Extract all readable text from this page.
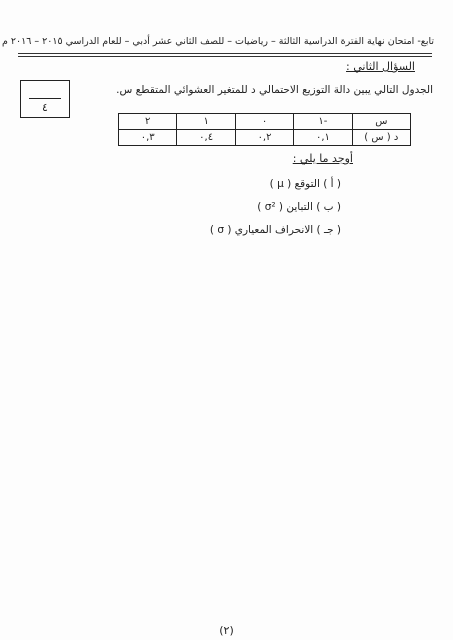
تابع- امتحان نهاية الفترة الدراسية الثالثة – رياضيات – للصف الثاني عشر أدبي – للعام الدراسي ٢٠١٥ – ٢٠١٦ م
السؤال الثاني :
٤
الجدول التالي يبين دالة التوزيع الاحتمالي د للمتغير العشوائي المتقطع س.
س	-١	٠	١	٢
د ( س )	٠,١	٠,٢	٠,٤	٠,٣
أوجد ما يلي :
( أ ) التوقع ( μ )
( ب ) التباين ( σ² )
( جـ ) الانحراف المعياري ( σ )
(٢)
